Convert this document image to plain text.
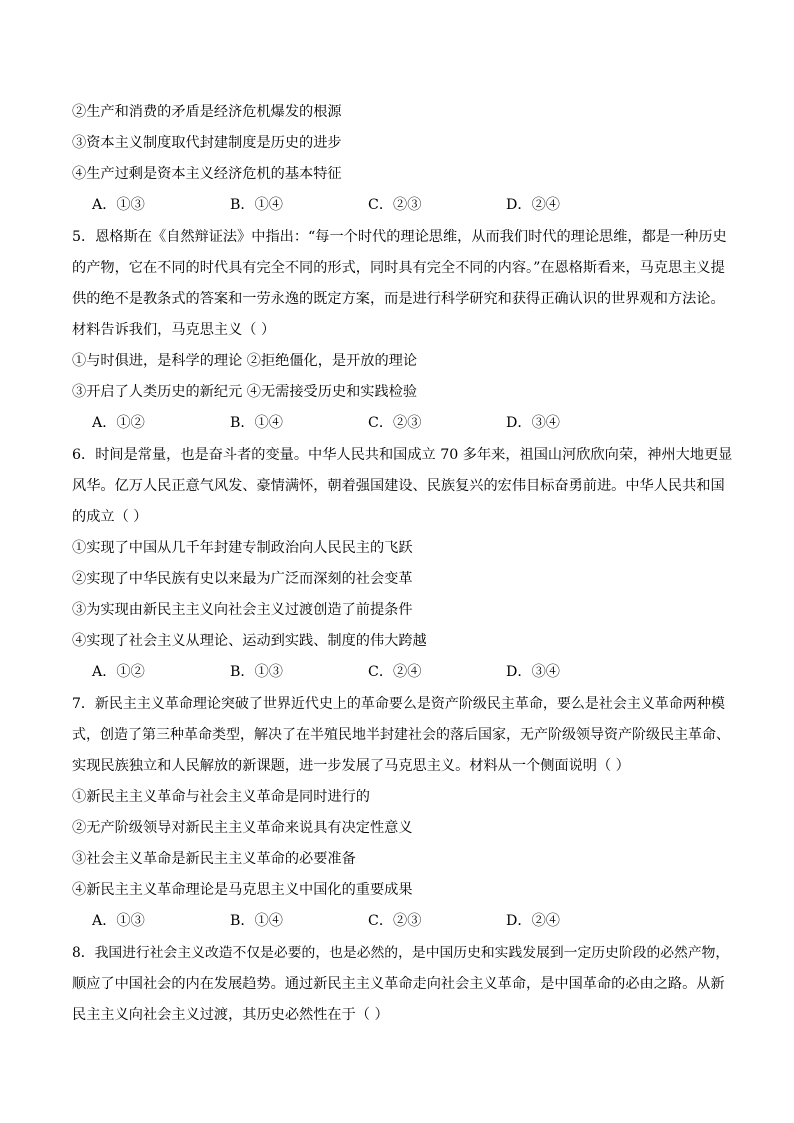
②生产和消费的矛盾是经济危机爆发的根源
③资本主义制度取代封建制度是历史的进步
④生产过剩是资本主义经济危机的基本特征
A．①③	B．①④	C．②③	D．②④
5．恩格斯在《自然辩证法》中指出：“每一个时代的理论思维，从而我们时代的理论思维，都是一种历史
的产物，它在不同的时代具有完全不同的形式，同时具有完全不同的内容。”在恩格斯看来，马克思主义提
供的绝不是教条式的答案和一劳永逸的既定方案，而是进行科学研究和获得正确认识的世界观和方法论。
材料告诉我们，马克思主义（ ）
①与时俱进，是科学的理论 ②拒绝僵化，是开放的理论
③开启了人类历史的新纪元 ④无需接受历史和实践检验
A．①②	B．①④	C．②③	D．③④
6．时间是常量，也是奋斗者的变量。中华人民共和国成立 70 多年来，祖国山河欣欣向荣，神州大地更显
风华。亿万人民正意气风发、豪情满怀，朝着强国建设、民族复兴的宏伟目标奋勇前进。中华人民共和国
的成立（ ）
①实现了中国从几千年封建专制政治向人民民主的飞跃
②实现了中华民族有史以来最为广泛而深刻的社会变革
③为实现由新民主主义向社会主义过渡创造了前提条件
④实现了社会主义从理论、运动到实践、制度的伟大跨越
A．①②	B．①③	C．②④	D．③④
7．新民主主义革命理论突破了世界近代史上的革命要么是资产阶级民主革命，要么是社会主义革命两种模
式，创造了第三种革命类型，解决了在半殖民地半封建社会的落后国家，无产阶级领导资产阶级民主革命、
实现民族独立和人民解放的新课题，进一步发展了马克思主义。材料从一个侧面说明（ ）
①新民主主义革命与社会主义革命是同时进行的
②无产阶级领导对新民主主义革命来说具有决定性意义
③社会主义革命是新民主主义革命的必要准备
④新民主主义革命理论是马克思主义中国化的重要成果
A．①③	B．①④	C．②③	D．②④
8．我国进行社会主义改造不仅是必要的，也是必然的，是中国历史和实践发展到一定历史阶段的必然产物，
顺应了中国社会的内在发展趋势。通过新民主主义革命走向社会主义革命，是中国革命的必由之路。从新
民主主义向社会主义过渡，其历史必然性在于（ ）
